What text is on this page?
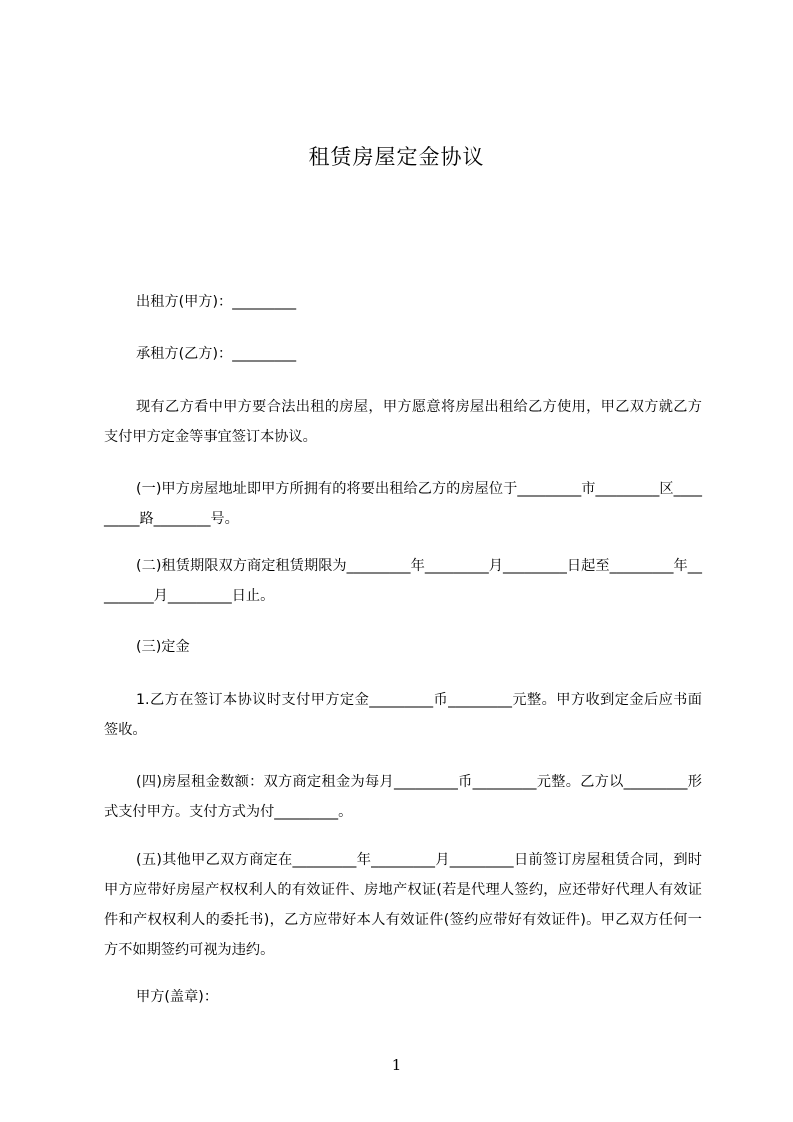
租赁房屋定金协议
出租方(甲方)：_________
承租方(乙方)：_________
现有乙方看中甲方要合法出租的房屋，甲方愿意将房屋出租给乙方使用，甲乙双方就乙方支付甲方定金等事宜签订本协议。
(一)甲方房屋地址即甲方所拥有的将要出租给乙方的房屋位于_________市_________区_________路________号。
(二)租赁期限双方商定租赁期限为_________年_________月_________日起至_________年_________月_________日止。
(三)定金
1.乙方在签订本协议时支付甲方定金_________币_________元整。甲方收到定金后应书面签收。
(四)房屋租金数额：双方商定租金为每月_________币_________元整。乙方以_________形式支付甲方。支付方式为付_________。
(五)其他甲乙双方商定在_________年_________月_________日前签订房屋租赁合同，到时甲方应带好房屋产权权利人的有效证件、房地产权证(若是代理人签约，应还带好代理人有效证件和产权权利人的委托书)，乙方应带好本人有效证件(签约应带好有效证件)。甲乙双方任何一方不如期签约可视为违约。
甲方(盖章)：
1
